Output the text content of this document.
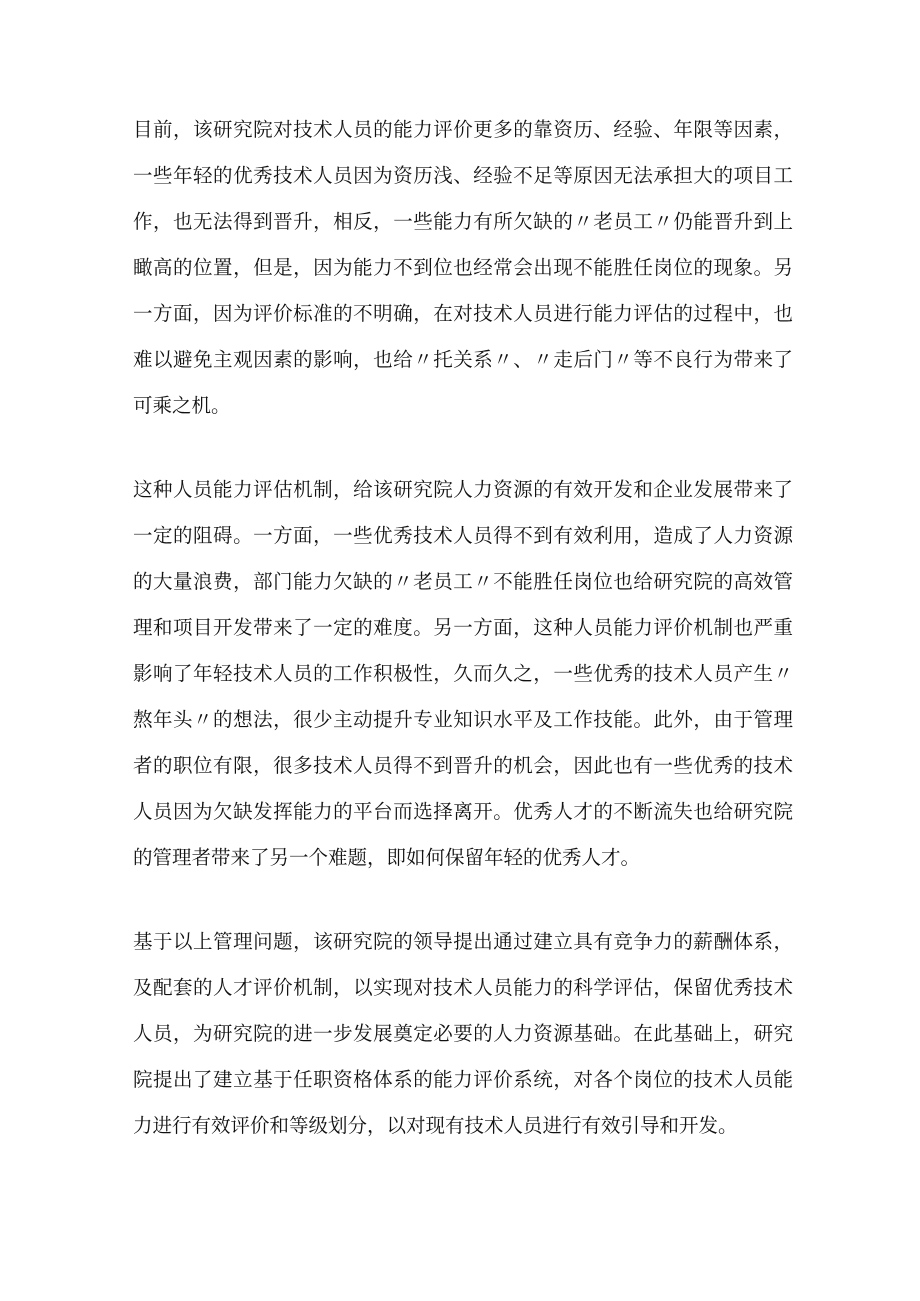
目前，该研究院对技术人员的能力评价更多的靠资历、经验、年限等因素，

一些年轻的优秀技术人员因为资历浅、经验不足等原因无法承担大的项目工

作，也无法得到晋升，相反，一些能力有所欠缺的〃老员工〃仍能晋升到上

瞰高的位置，但是，因为能力不到位也经常会出现不能胜任岗位的现象。另

一方面，因为评价标准的不明确，在对技术人员进行能力评估的过程中，也

难以避免主观因素的影响，也给〃托关系〃、〃走后门〃等不良行为带来了

可乘之机。

这种人员能力评估机制，给该研究院人力资源的有效开发和企业发展带来了

一定的阻碍。一方面，一些优秀技术人员得不到有效利用，造成了人力资源

的大量浪费，部门能力欠缺的〃老员工〃不能胜任岗位也给研究院的高效管

理和项目开发带来了一定的难度。另一方面，这种人员能力评价机制也严重

影响了年轻技术人员的工作积极性，久而久之，一些优秀的技术人员产生〃

熬年头〃的想法，很少主动提升专业知识水平及工作技能。此外，由于管理

者的职位有限，很多技术人员得不到晋升的机会，因此也有一些优秀的技术

人员因为欠缺发挥能力的平台而选择离开。优秀人才的不断流失也给研究院

的管理者带来了另一个难题，即如何保留年轻的优秀人才。

基于以上管理问题，该研究院的领导提出通过建立具有竞争力的薪酬体系，

及配套的人才评价机制，以实现对技术人员能力的科学评估，保留优秀技术

人员，为研究院的进一步发展奠定必要的人力资源基础。在此基础上，研究

院提出了建立基于任职资格体系的能力评价系统，对各个岗位的技术人员能

力进行有效评价和等级划分，以对现有技术人员进行有效引导和开发。
